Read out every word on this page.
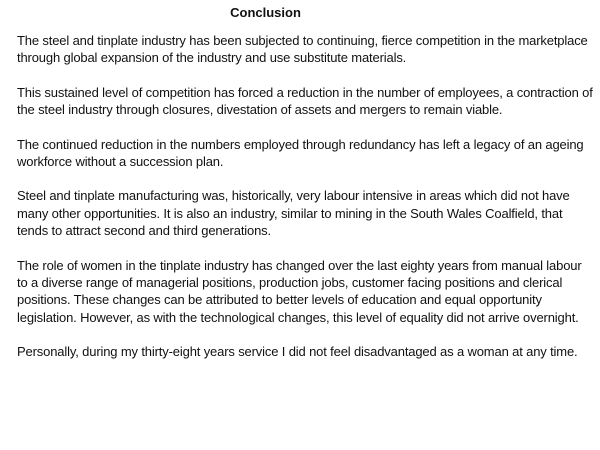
Conclusion

The steel and tinplate industry has been subjected to continuing, fierce competition in the marketplace through global expansion of the industry and use substitute materials.

This sustained level of competition has forced a reduction in the number of employees, a contraction of the steel industry through closures, divestation of assets and mergers to remain viable.

The continued reduction in the numbers employed through redundancy has left a legacy of an ageing workforce without a succession plan.

Steel and tinplate manufacturing was, historically, very labour intensive in areas which did not have many other opportunities. It is also an industry, similar to mining in the South Wales Coalfield, that tends to attract second and third generations.

The role of women in the tinplate industry has changed over the last eighty years from manual labour to a diverse range of managerial positions, production jobs, customer facing positions and clerical positions. These changes can be attributed to better levels of education and equal opportunity legislation. However, as with the technological changes, this level of equality did not arrive overnight.

Personally, during my thirty-eight years service I did not feel disadvantaged as a woman at any time.
